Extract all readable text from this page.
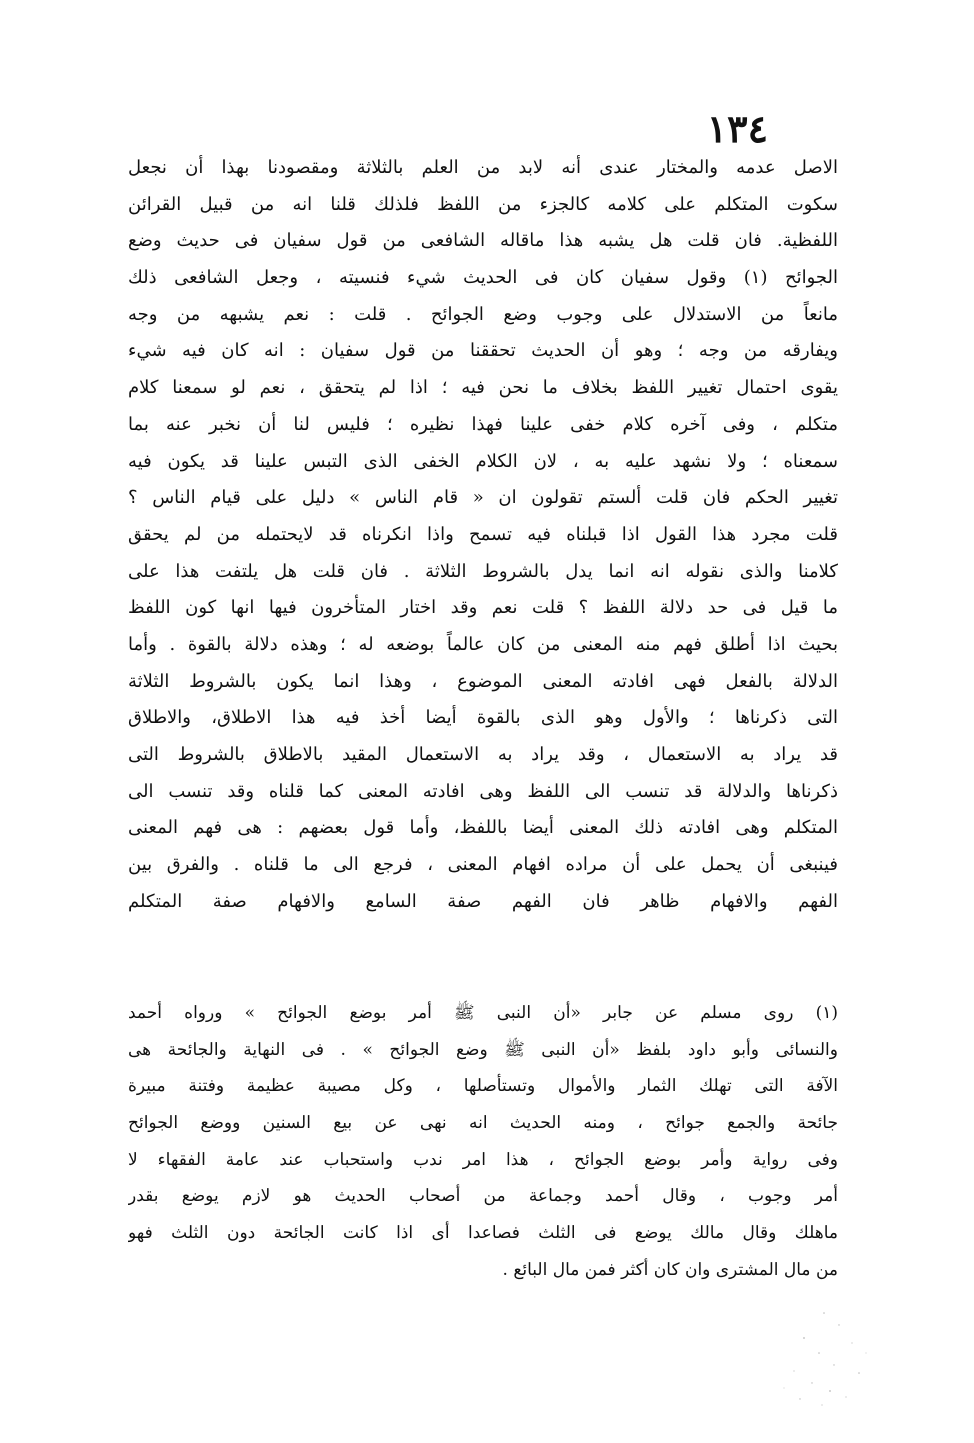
١٣٤
الاصل عدمه والمختار عندى أنه لابد من العلم بالثلاثة ومقصودنا بهذا أن نجعل
سكوت المتكلم على كلامه كالجزء من اللفظ فلذلك قلنا انه من قبيل القرائن
اللفظية. فان قلت هل يشبه هذا ماقاله الشافعى من قول سفيان فى حديث وضع
الجوائح (١) وقول سفيان كان فى الحديث شيء فنسيته ، وجعل الشافعى ذلك
مانعاً من الاستدلال على وجوب وضع الجوائح . قلت : نعم يشبهه من وجه
ويفارقه من وجه ؛ وهو أن الحديث تحققنا من قول سفيان : انه كان فيه شيء
يقوى احتمال تغيير اللفظ بخلاف ما نحن فيه ؛ اذا لم يتحقق ، نعم لو سمعنا كلام
متكلم ، وفى آخره كلام خفى علينا فهذا نظيره ؛ فليس لنا أن نخبر عنه بما
سمعناه ؛ ولا نشهد عليه به ، لان الكلام الخفى الذى التبس علينا قد يكون فيه
تغيير الحكم فان قلت ألستم تقولون ان « قام الناس » دليل على قيام الناس ؟
قلت مجرد هذا القول اذا قبلناه فيه تسمح واذا انكرناه قد لايحتمله من لم يحقق
كلامنا والذى نقوله انه انما يدل بالشروط الثلاثة . فان قلت هل يلتفت هذا على
ما قيل فى حد دلالة اللفظ ؟ قلت نعم وقد اختار المتأخرون فيها انها كون اللفظ
بحيث اذا أطلق فهم منه المعنى من كان عالماً بوضعه له ؛ وهذه دلالة بالقوة . وأما
الدلالة بالفعل فهى افادته المعنى الموضوع ، وهذا انما يكون بالشروط الثلاثة
التى ذكرناها ؛ والأول وهو الذى بالقوة أيضا أخذ فيه هذا الاطلاق، والاطلاق
قد يراد به الاستعمال ، وقد يراد به الاستعمال المقيد بالاطلاق بالشروط التى
ذكرناها والدلالة قد تنسب الى اللفظ وهى افادته المعنى كما قلناه وقد تنسب الى
المتكلم وهى افادته ذلك المعنى أيضا باللفظ، وأما قول بعضهم : هى فهم المعنى
فينبغى أن يحمل على أن مراده افهام المعنى ، فرجع الى ما قلناه . والفرق بين
الفهم والافهام ظاهر فان الفهم صفة السامع والافهام صفة المتكلم
(١) روى مسلم عن جابر «أن النبى ﷺ أمر بوضع الجوائح » ورواه أحمد
والنسائى وأبو داود بلفظ «أن النبى ﷺ وضع الجوائح » . فى النهاية والجائحة هى
الآفة التى تهلك الثمار والأموال وتستأصلها ، وكل مصيبة عظيمة وفتنة مبيرة
جائحة والجمع جوائح ، ومنه الحديث انه نهى عن بيع السنين ووضع الجوائح
وفى رواية وأمر بوضع الجوائح ، هذا امر ندب واستحباب عند عامة الفقهاء لا
أمر وجوب ، وقال أحمد وجماعة من أصحاب الحديث هو لازم يوضع بقدر
ماهلك وقال مالك يوضع فى الثلث فصاعدا أى اذا كانت الجائحة دون الثلث فهو
من مال المشترى وان كان أكثر فمن مال البائع .
